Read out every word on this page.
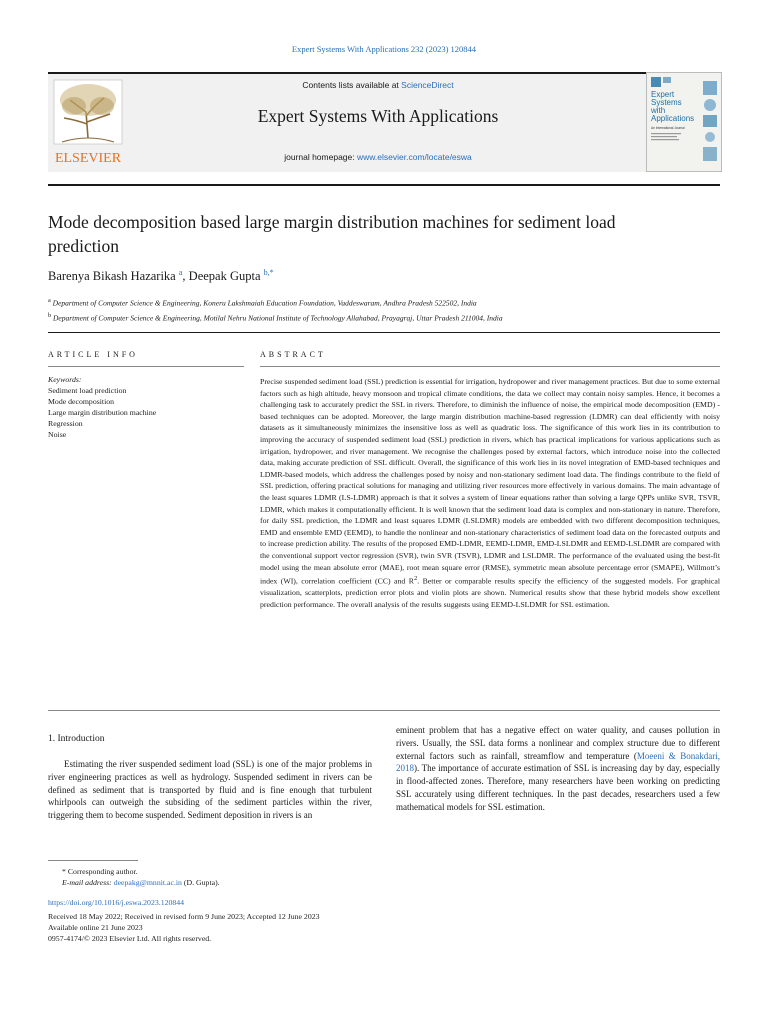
Expert Systems With Applications 232 (2023) 120844
ELSEVIER
Contents lists available at ScienceDirect
Expert Systems With Applications
journal homepage: www.elsevier.com/locate/eswa
Expert
Systems
with
Applications
An International Journal
Mode decomposition based large margin distribution machines for sediment load prediction
Barenya Bikash Hazarika $^a$, Deepak Gupta $^{b,*}$
$^a$ Department of Computer Science & Engineering, Koneru Lakshmaiah Education Foundation, Vaddeswaram, Andhra Pradesh 522502, India
$^b$ Department of Computer Science & Engineering, Motilal Nehru National Institute of Technology Allahabad, Prayagraj, Uttar Pradesh 211004, India
ARTICLE INFO	ABSTRACT
Keywords:
Sediment load prediction
Mode decomposition
Large margin distribution machine
Regression
Noise

Precise suspended sediment load (SSL) prediction is essential for irrigation, hydropower and river management practices. But due to some external factors such as high altitude, heavy monsoon and tropical climate conditions, the data we collect may contain noisy samples. Hence, it becomes a challenging task to accurately predict the SSL in rivers. Therefore, to diminish the influence of noise, the empirical mode decomposition (EMD) -based techniques can be adopted. Moreover, the large margin distribution machine-based regression (LDMR) can deal efficiently with noisy datasets as it simultaneously minimizes the insensitive loss as well as quadratic loss. The significance of this work lies in its contribution to improving the accuracy of suspended sediment load (SSL) prediction in rivers, which has practical implications for various applications such as irrigation, hydropower, and river management. We recognise the challenges posed by external factors, which introduce noise into the collected data, making accurate prediction of SSL difficult. Overall, the significance of this work lies in its novel integration of EMD-based techniques and LDMR-based models, which address the challenges posed by noisy and non-stationary sediment load data. The findings contribute to the field of SSL prediction, offering practical solutions for managing and utilizing river resources more effectively in various domains. The main advantage of the least squares LDMR (LS-LDMR) approach is that it solves a system of linear equations rather than solving a large QPPs unlike SVR, TSVR, LDMR, which makes it computationally efficient. It is well known that the sediment load data is complex and non-stationary in nature. Therefore, for daily SSL prediction, the LDMR and least squares LDMR (LSLDMR) models are embedded with two different decomposition techniques, EMD and ensemble EMD (EEMD), to handle the nonlinear and non-stationary characteristics of sediment load data on the forecasted outputs and to increase prediction ability. The results of the proposed EMD-LDMR, EEMD-LDMR, EMD-LSLDMR and EEMD-LSLDMR are compared with the conventional support vector regression (SVR), twin SVR (TSVR), LDMR and LSLDMR. The performance of the evaluated using the best-fit model using the mean absolute error (MAE), root mean square error (RMSE), symmetric mean absolute percentage error (SMAPE), Willmott’s index (WI), correlation coefficient (CC) and $R^2$. Better or comparable results specify the efficiency of the suggested models. For graphical visualization, scatterplots, prediction error plots and violin plots are shown. Numerical results show that these hybrid models show excellent prediction performance. The overall analysis of the results suggests using EEMD-LSLDMR for SSL estimation.

1. Introduction

Estimating the river suspended sediment load (SSL) is one of the major problems in river engineering practices as well as hydrology. Suspended sediment in rivers can be defined as sediment that is transported by fluid and is fine enough that turbulent whirlpools can outweigh the subsiding of the sediment particles within the river, triggering them to become suspended. Sediment deposition in rivers is an

eminent problem that has a negative effect on water quality, and causes pollution in rivers. Usually, the SSL data forms a nonlinear and complex structure due to different external factors such as rainfall, streamflow and temperature (Moeeni & Bonakdari, 2018). The importance of accurate estimation of SSL is increasing day by day, especially in flood-affected zones. Therefore, many researchers have been working on predicting SSL accurately using different techniques. In the past decades, researchers used a few mathematical models for SSL estimation.

* Corresponding author.
E-mail address: deepakg@mnnit.ac.in (D. Gupta).
https://doi.org/10.1016/j.eswa.2023.120844
Received 18 May 2022; Received in revised form 9 June 2023; Accepted 12 June 2023
Available online 21 June 2023
0957-4174/© 2023 Elsevier Ltd. All rights reserved.
